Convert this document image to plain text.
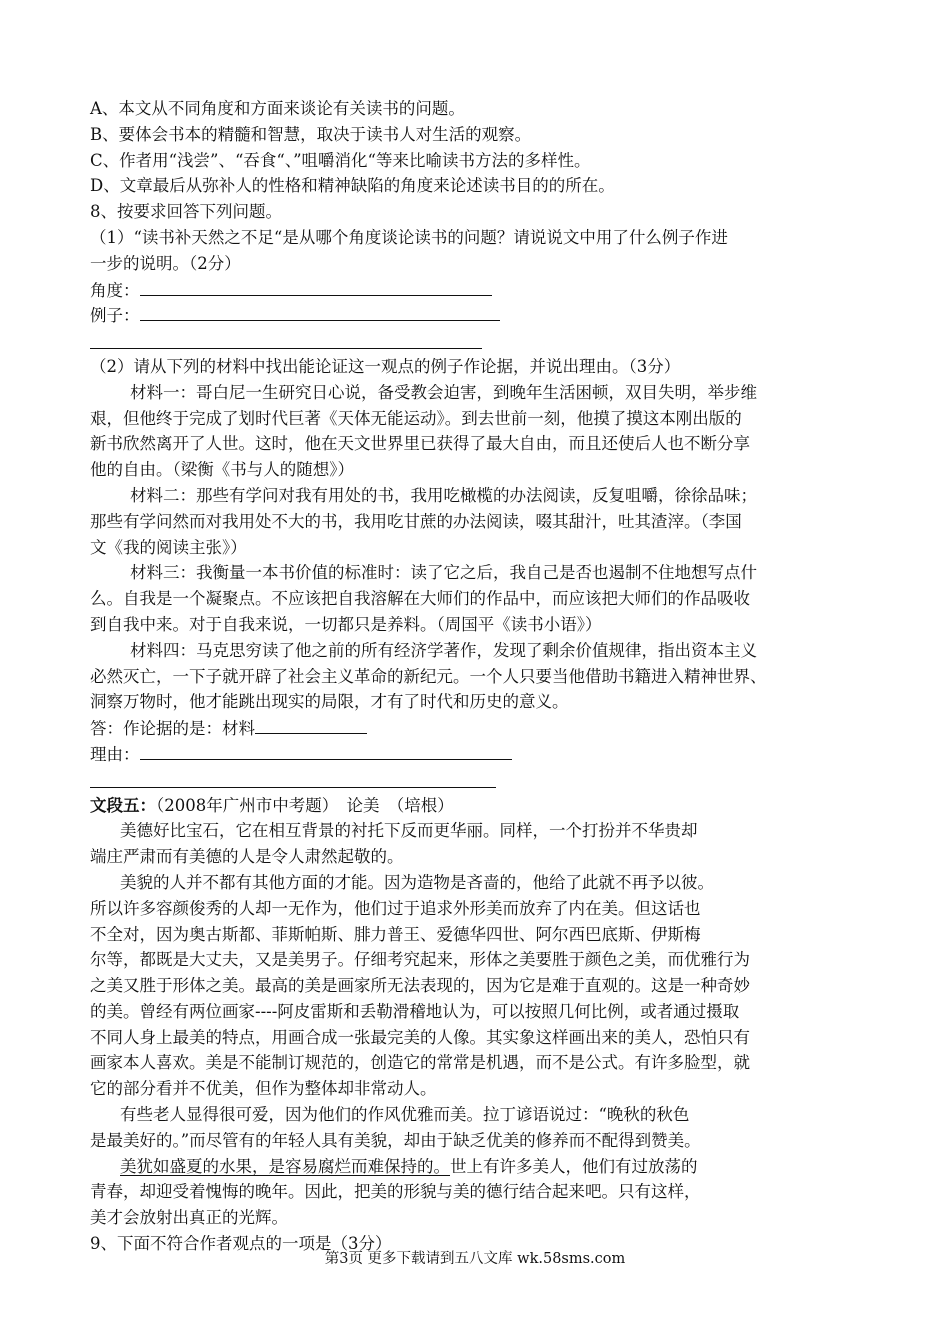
A、本文从不同角度和方面来谈论有关读书的问题。
B、要体会书本的精髓和智慧，取决于读书人对生活的观察。
C、作者用“浅尝”、“吞食“、”咀嚼消化“等来比喻读书方法的多样性。
D、文章最后从弥补人的性格和精神缺陷的角度来论述读书目的的所在。
8、按要求回答下列问题。
（1）“读书补天然之不足“是从哪个角度谈论读书的问题？请说说文中用了什么例子作进
一步的说明。（2分）
角度：
例子：
（2）请从下列的材料中找出能论证这一观点的例子作论据，并说出理由。（3分）
材料一：哥白尼一生研究日心说，备受教会迫害，到晚年生活困顿，双目失明，举步维
艰，但他终于完成了划时代巨著《天体无能运动》。到去世前一刻，他摸了摸这本刚出版的
新书欣然离开了人世。这时，他在天文世界里已获得了最大自由，而且还使后人也不断分享
他的自由。（梁衡《书与人的随想》）
材料二：那些有学问对我有用处的书，我用吃橄榄的办法阅读，反复咀嚼，徐徐品味；
那些有学问然而对我用处不大的书，我用吃甘蔗的办法阅读，啜其甜汁，吐其渣滓。（李国
文《我的阅读主张》）
材料三：我衡量一本书价值的标准时：读了它之后，我自己是否也遏制不住地想写点什
么。自我是一个凝聚点。不应该把自我溶解在大师们的作品中，而应该把大师们的作品吸收
到自我中来。对于自我来说，一切都只是养料。（周国平《读书小语》）
材料四：马克思穷读了他之前的所有经济学著作，发现了剩余价值规律，指出资本主义
必然灭亡，一下子就开辟了社会主义革命的新纪元。一个人只要当他借助书籍进入精神世界、
洞察万物时，他才能跳出现实的局限，才有了时代和历史的意义。
答：作论据的是：材料
理由：
文段五：（2008年广州市中考题）　论美　（培根）
美德好比宝石，它在相互背景的衬托下反而更华丽。同样，一个打扮并不华贵却
端庄严肃而有美德的人是令人肃然起敬的。
美貌的人并不都有其他方面的才能。因为造物是吝啬的，他给了此就不再予以彼。
所以许多容颜俊秀的人却一无作为，他们过于追求外形美而放弃了内在美。但这话也
不全对，因为奥古斯都、菲斯帕斯、腓力普王、爱德华四世、阿尔西巴底斯、伊斯梅
尔等，都既是大丈夫，又是美男子。仔细考究起来，形体之美要胜于颜色之美，而优雅行为
之美又胜于形体之美。最高的美是画家所无法表现的，因为它是难于直观的。这是一种奇妙
的美。曾经有两位画家----阿皮雷斯和丢勒滑稽地认为，可以按照几何比例，或者通过摄取
不同人身上最美的特点，用画合成一张最完美的人像。其实象这样画出来的美人，恐怕只有
画家本人喜欢。美是不能制订规范的，创造它的常常是机遇，而不是公式。有许多脸型，就
它的部分看并不优美，但作为整体却非常动人。
有些老人显得很可爱，因为他们的作风优雅而美。拉丁谚语说过：“晚秋的秋色
是最美好的。”而尽管有的年轻人具有美貌，却由于缺乏优美的修养而不配得到赞美。
美犹如盛夏的水果，是容易腐烂而难保持的。世上有许多美人，他们有过放荡的
青春，却迎受着愧悔的晚年。因此，把美的形貌与美的德行结合起来吧。只有这样，
美才会放射出真正的光辉。
9、下面不符合作者观点的一项是（3分）
第3页 更多下载请到五八文库 wk.58sms.com
